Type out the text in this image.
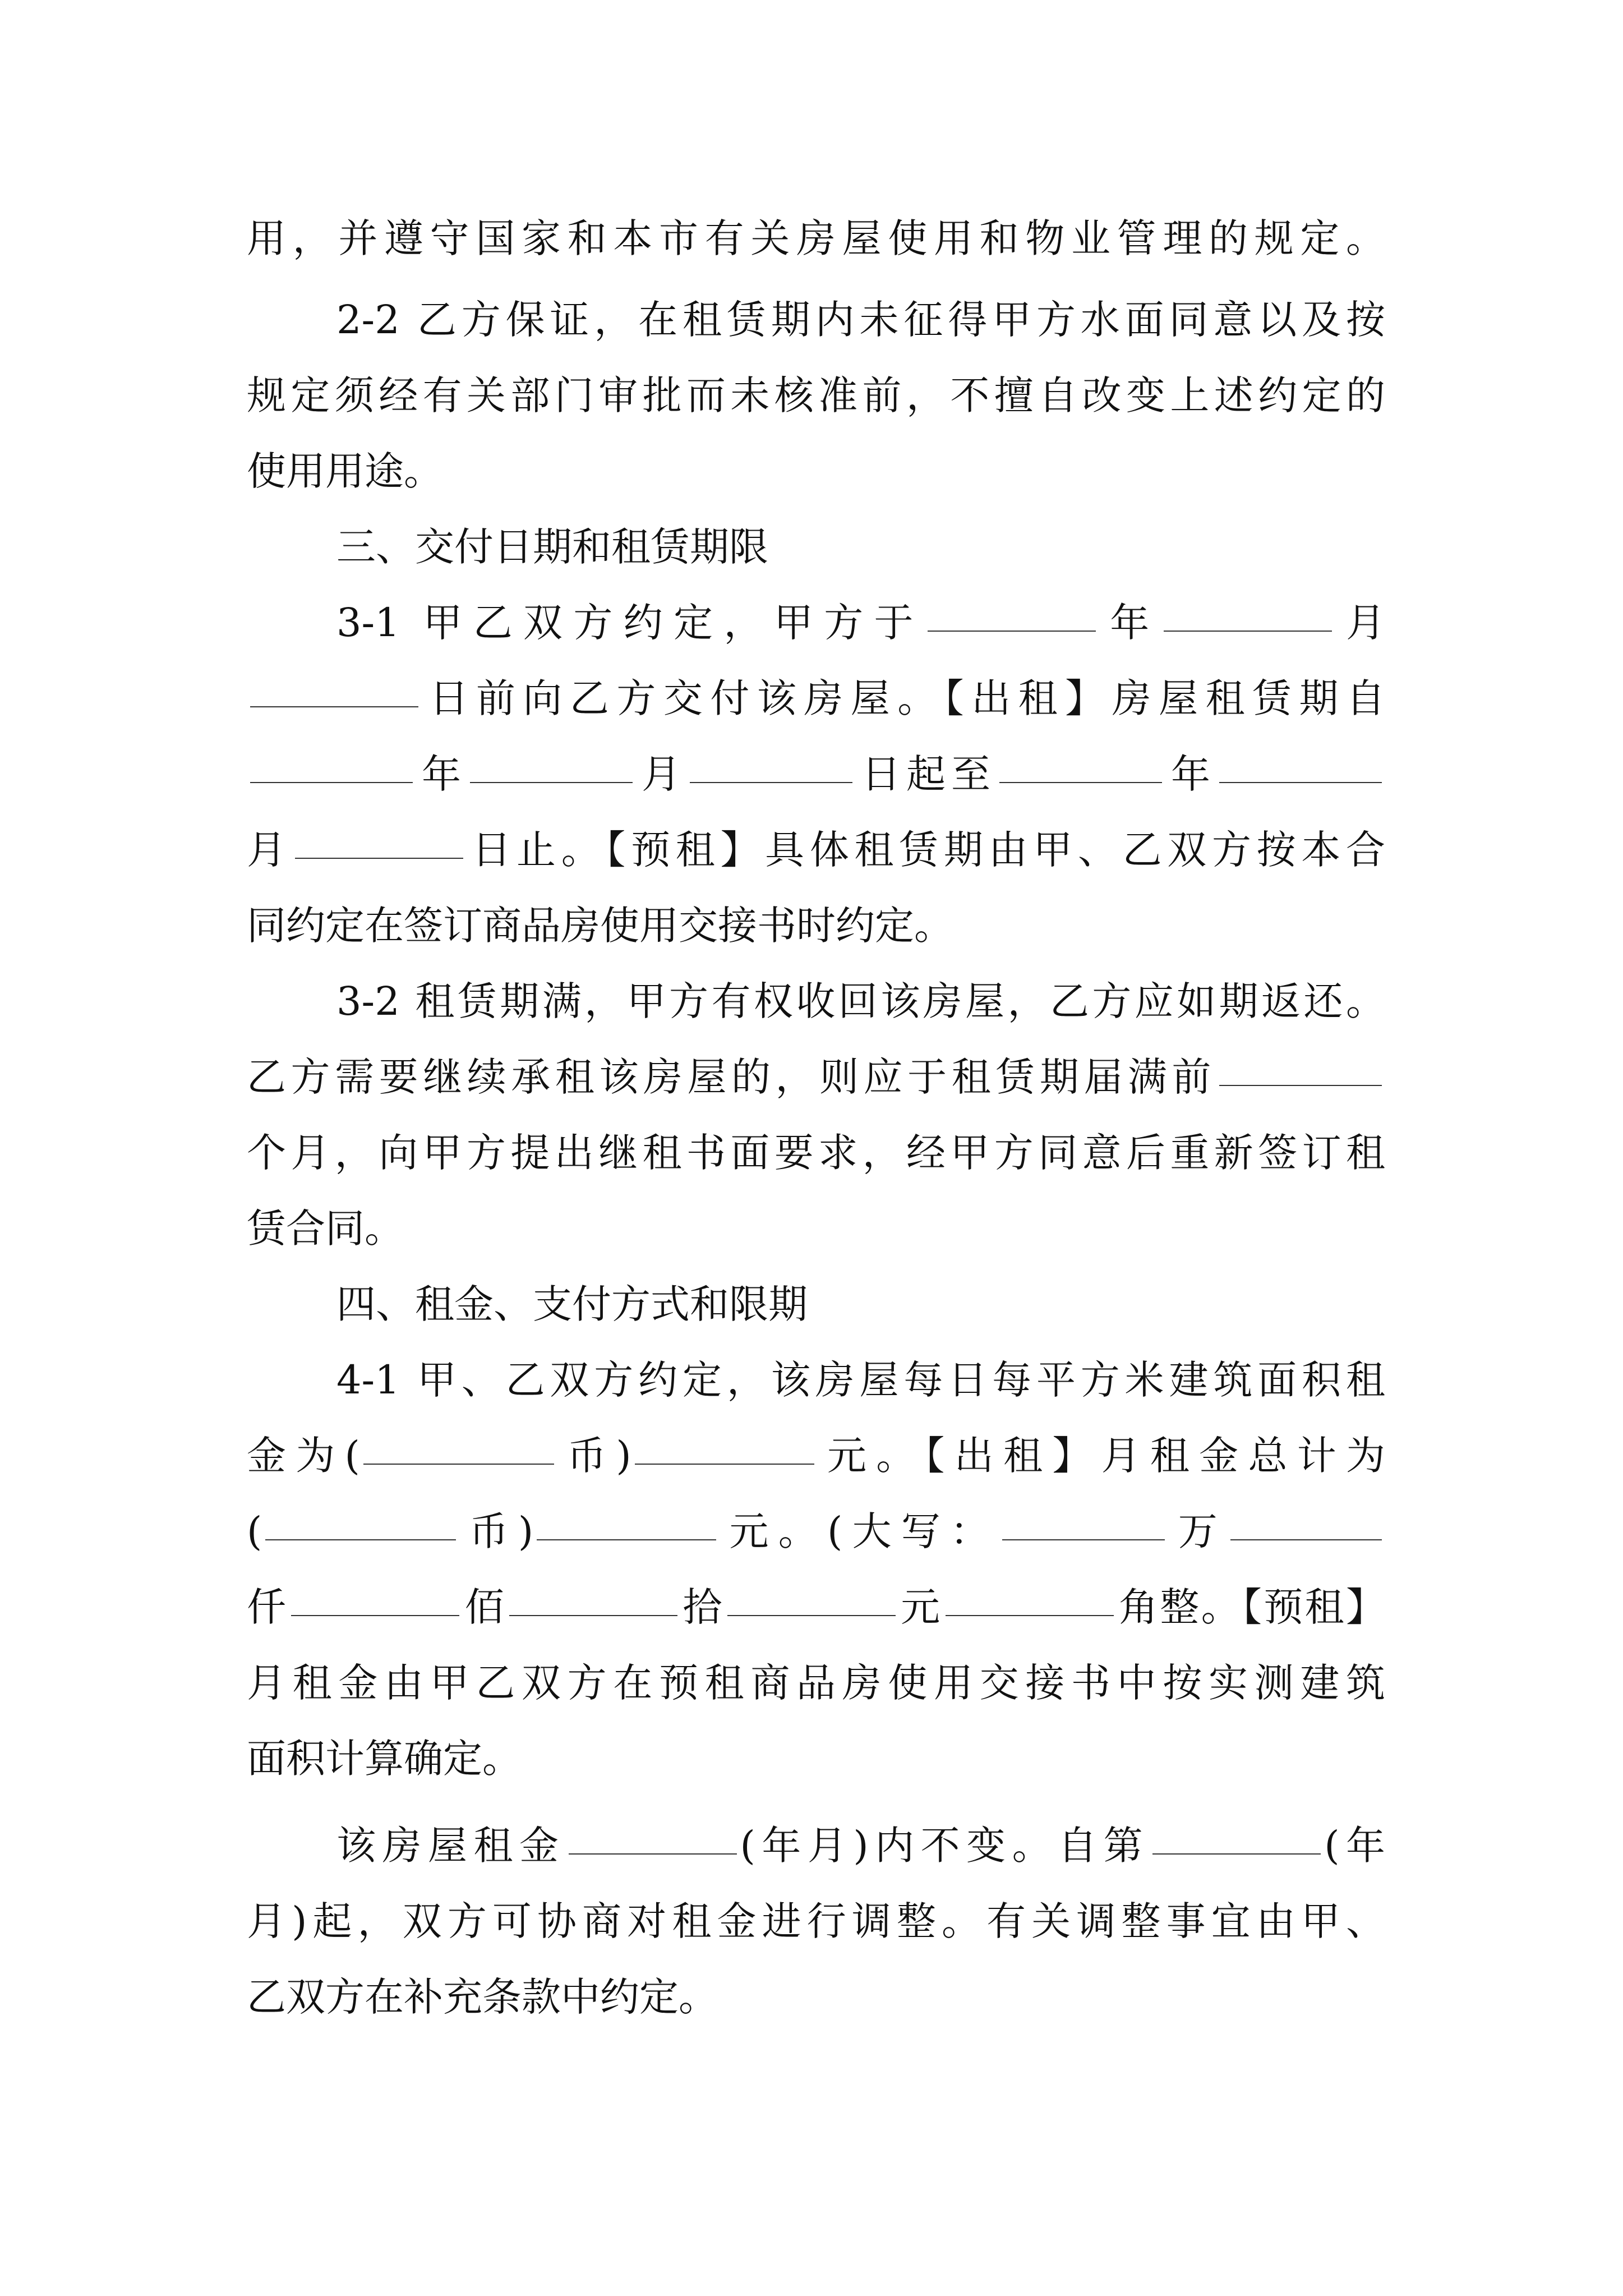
用，并遵守国家和本市有关房屋使用和物业管理的规定。
2-2 乙方保证，在租赁期内未征得甲方水面同意以及按
规定须经有关部门审批而未核准前，不擅自改变上述约定的
使用用途。
三、交付日期和租赁期限
3-1 甲乙双方约定，甲方于	年	月
日前向乙方交付该房屋。【出租】房屋租赁期自
年	月	日起至	年
月	日止。【预租】具体租赁期由甲、乙双方按本合
同约定在签订商品房使用交接书时约定。
3-2 租赁期满，甲方有权收回该房屋，乙方应如期返还。
乙方需要继续承租该房屋的，则应于租赁期届满前
个月，向甲方提出继租书面要求，经甲方同意后重新签订租
赁合同。
四、租金、支付方式和限期
4-1 甲、乙双方约定，该房屋每日每平方米建筑面积租
金为(	币)	元。【出租】月租金总计为
(	币)	元。(大写：	万
仟	佰	拾	元	角整。【预租】
月租金由甲乙双方在预租商品房使用交接书中按实测建筑
面积计算确定。
该房屋租金	(年月)内不变。自第	(年
月)起，双方可协商对租金进行调整。有关调整事宜由甲、
乙双方在补充条款中约定。
